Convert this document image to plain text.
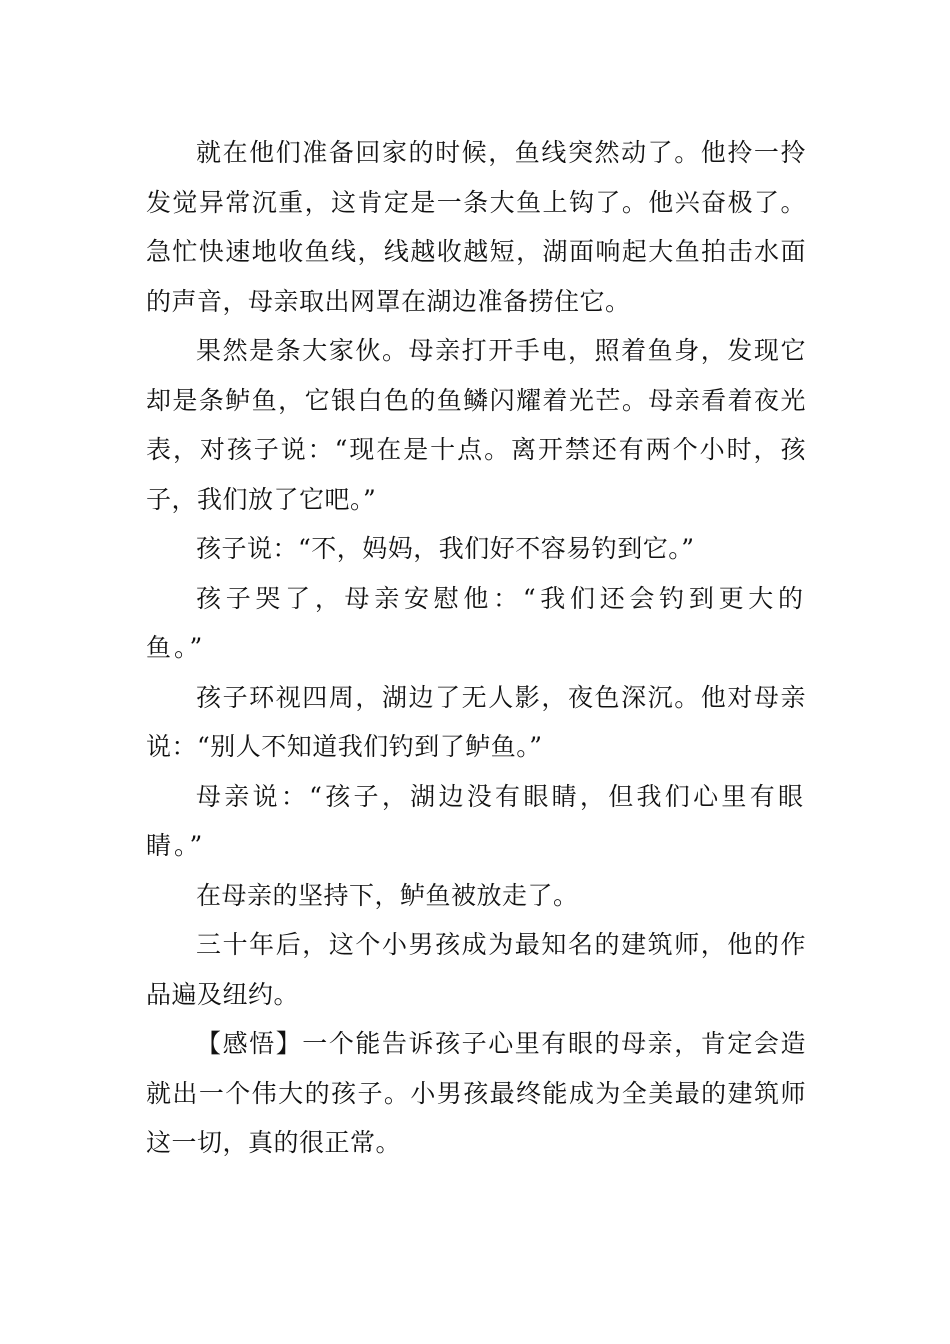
就在他们准备回家的时候，鱼线突然动了。他拎一拎发觉异常沉重，这肯定是一条大鱼上钩了。他兴奋极了。急忙快速地收鱼线，线越收越短，湖面响起大鱼拍击水面的声音，母亲取出网罩在湖边准备捞住它。

果然是条大家伙。母亲打开手电，照着鱼身，发现它却是条鲈鱼，它银白色的鱼鳞闪耀着光芒。母亲看着夜光表，对孩子说：“现在是十点。离开禁还有两个小时，孩子，我们放了它吧。”

孩子说：“不，妈妈，我们好不容易钓到它。”

孩子哭了，母亲安慰他：“我们还会钓到更大的鱼。”

孩子环视四周，湖边了无人影，夜色深沉。他对母亲说：“别人不知道我们钓到了鲈鱼。”

母亲说：“孩子，湖边没有眼睛，但我们心里有眼睛。”

在母亲的坚持下，鲈鱼被放走了。

三十年后，这个小男孩成为最知名的建筑师，他的作品遍及纽约。

【感悟】一个能告诉孩子心里有眼的母亲，肯定会造就出一个伟大的孩子。小男孩最终能成为全美最的建筑师这一切，真的很正常。
